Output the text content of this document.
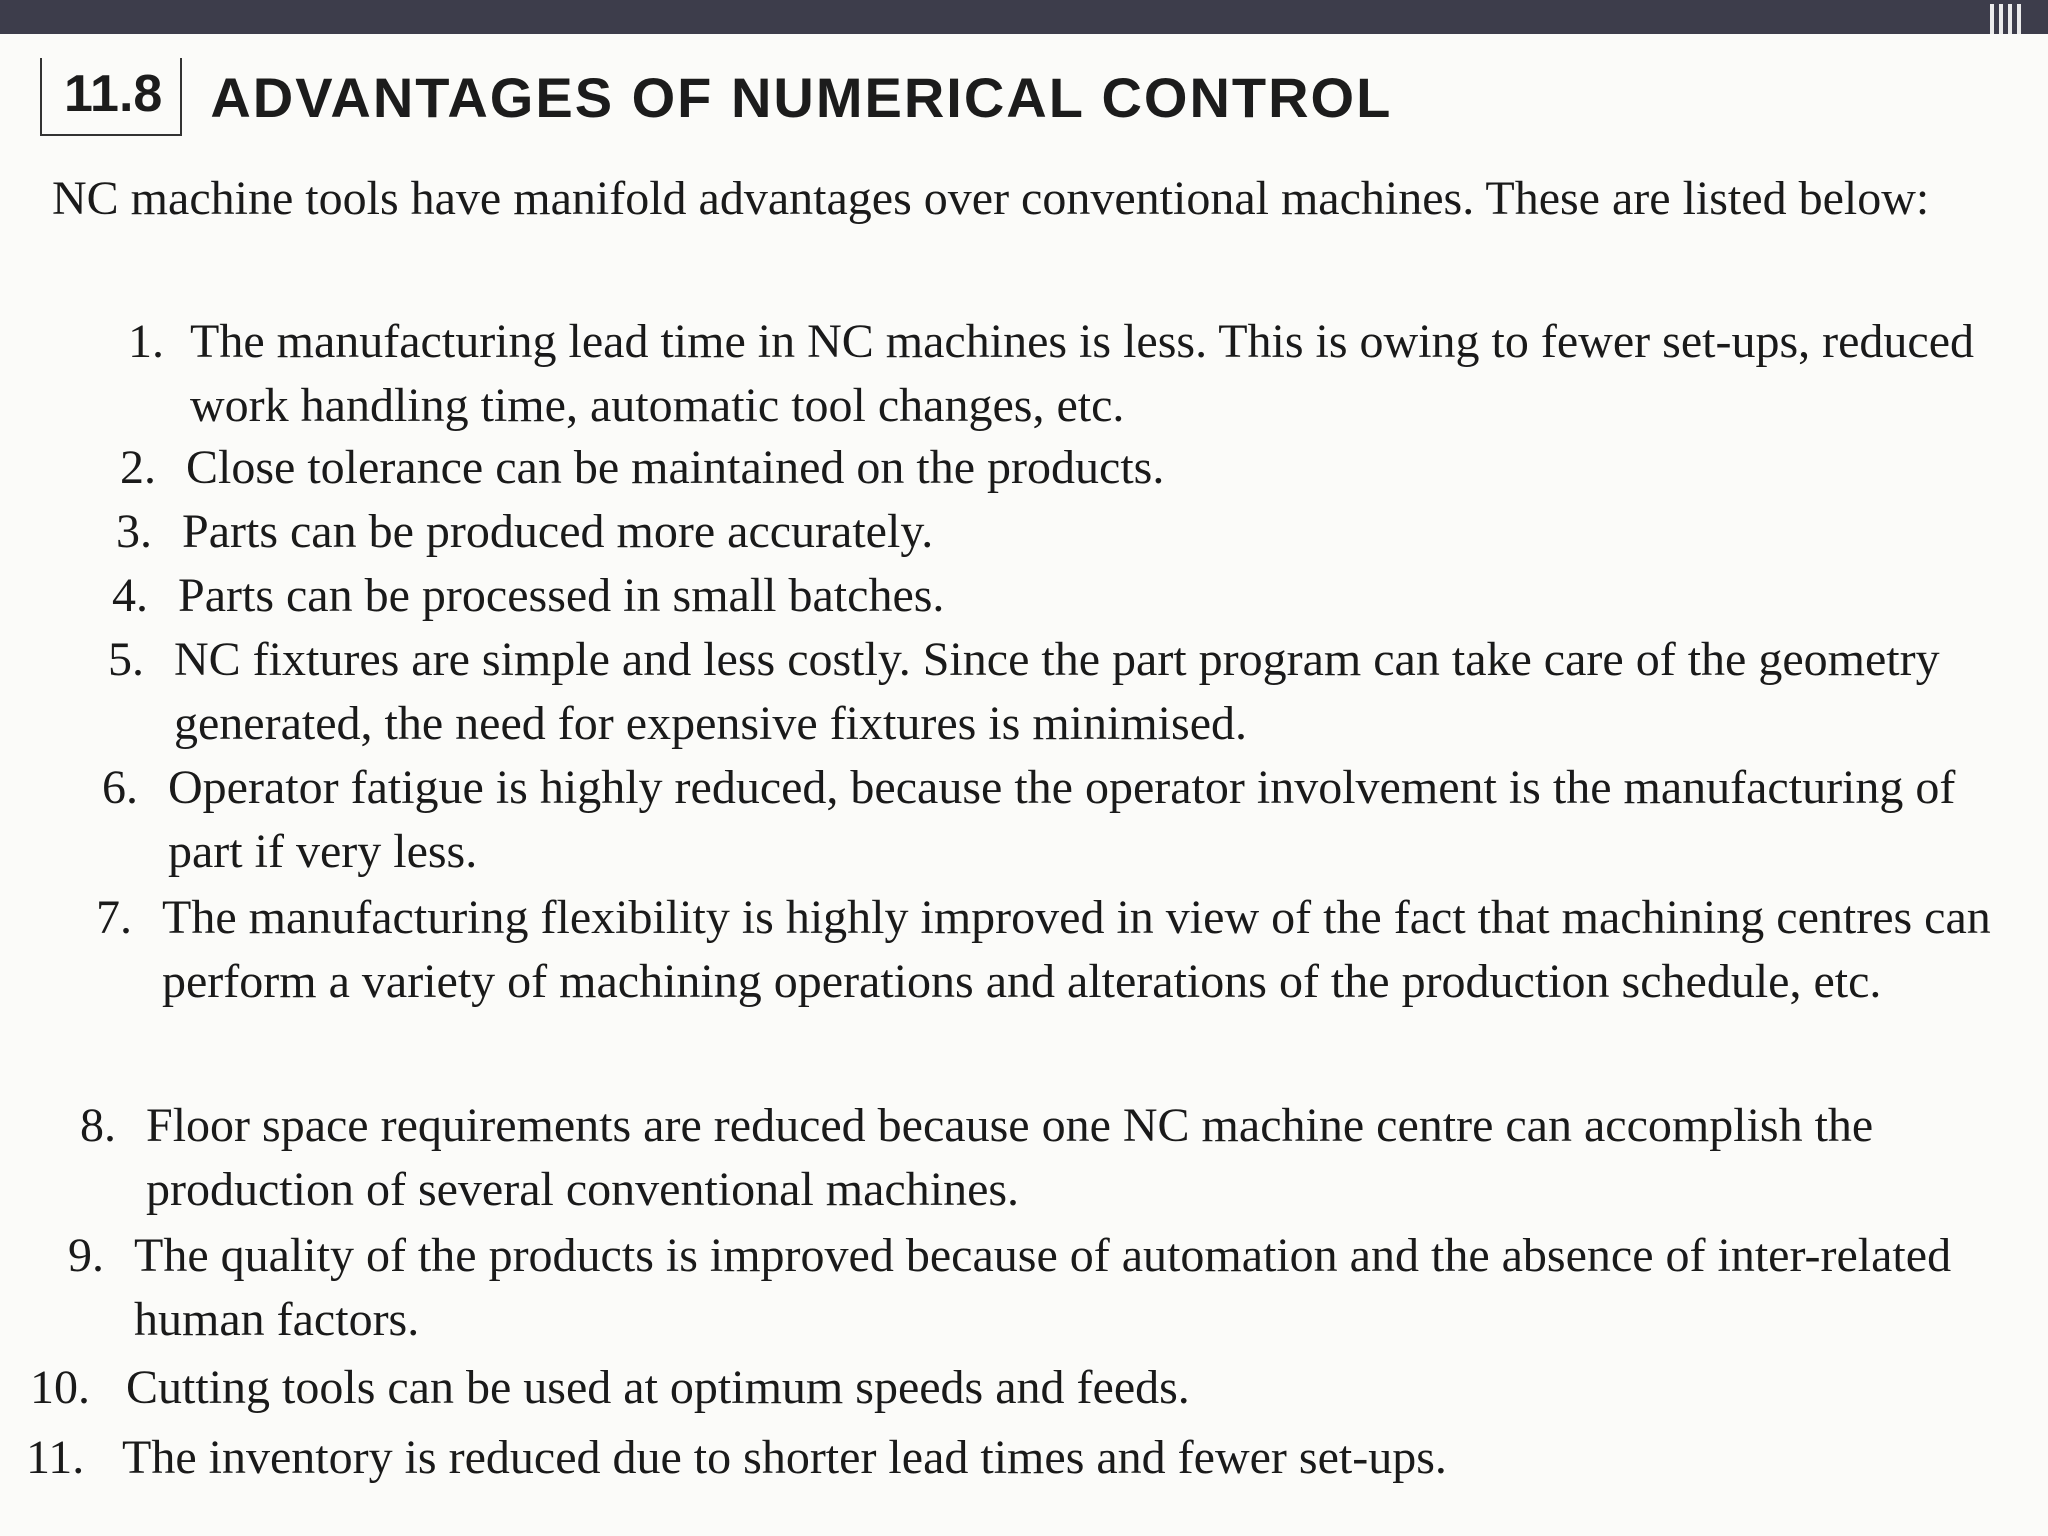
11.8 ADVANTAGES OF NUMERICAL CONTROL
NC machine tools have manifold advantages over conventional machines. These are listed below:
1. The manufacturing lead time in NC machines is less. This is owing to fewer set-ups, reduced work handling time, automatic tool changes, etc.
2. Close tolerance can be maintained on the products.
3. Parts can be produced more accurately.
4. Parts can be processed in small batches.
5. NC fixtures are simple and less costly. Since the part program can take care of the geometry generated, the need for expensive fixtures is minimised.
6. Operator fatigue is highly reduced, because the operator involvement is the manufacturing of part if very less.
7. The manufacturing flexibility is highly improved in view of the fact that machining centres can perform a variety of machining operations and alterations of the production schedule, etc.
8. Floor space requirements are reduced because one NC machine centre can accomplish the production of several conventional machines.
9. The quality of the products is improved because of automation and the absence of inter-related human factors.
10. Cutting tools can be used at optimum speeds and feeds.
11. The inventory is reduced due to shorter lead times and fewer set-ups.
